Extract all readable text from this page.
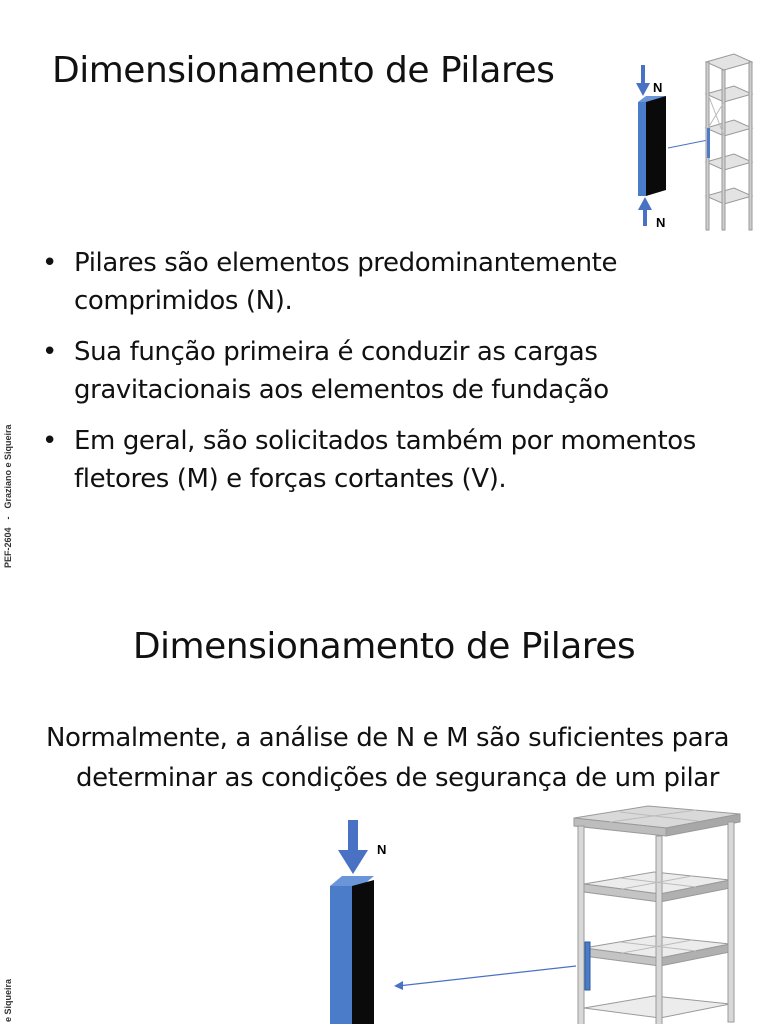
PEF-2604-Graziano e Siqueira
Dimensionamento de Pilares	N
N
• Pilares são elementos predominantemente comprimidos (N).
• Sua função primeira é conduzir as cargas gravitacionais aos elementos de fundação
• Em geral, são solicitados também por momentos fletores (M) e forças cortantes (V).
e Siqueira
Dimensionamento de Pilares

Normalmente, a análise de N e M são suficientes para determinar as condições de segurança de um pilar

N
